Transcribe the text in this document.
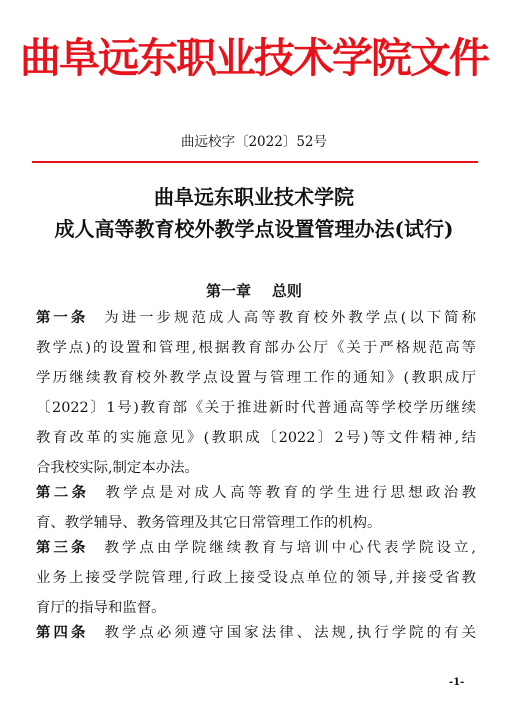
曲阜远东职业技术学院文件
曲远校字〔2022〕52号
曲阜远东职业技术学院
成人高等教育校外教学点设置管理办法(试行)
第一章    总则
第一条 为进一步规范成人高等教育校外教学点(以下简称
教学点)的设置和管理,根据教育部办公厅《关于严格规范高等
学历继续教育校外教学点设置与管理工作的通知》(教职成厅
〔2022〕1号)教育部《关于推进新时代普通高等学校学历继续
教育改革的实施意见》(教职成〔2022〕2号)等文件精神,结
合我校实际,制定本办法。
第二条 教学点是对成人高等教育的学生进行思想政治教
育、教学辅导、教务管理及其它日常管理工作的机构。
第三条 教学点由学院继续教育与培训中心代表学院设立,
业务上接受学院管理,行政上接受设点单位的领导,并接受省教
育厅的指导和监督。
第四条 教学点必须遵守国家法律、法规,执行学院的有关
-1-
